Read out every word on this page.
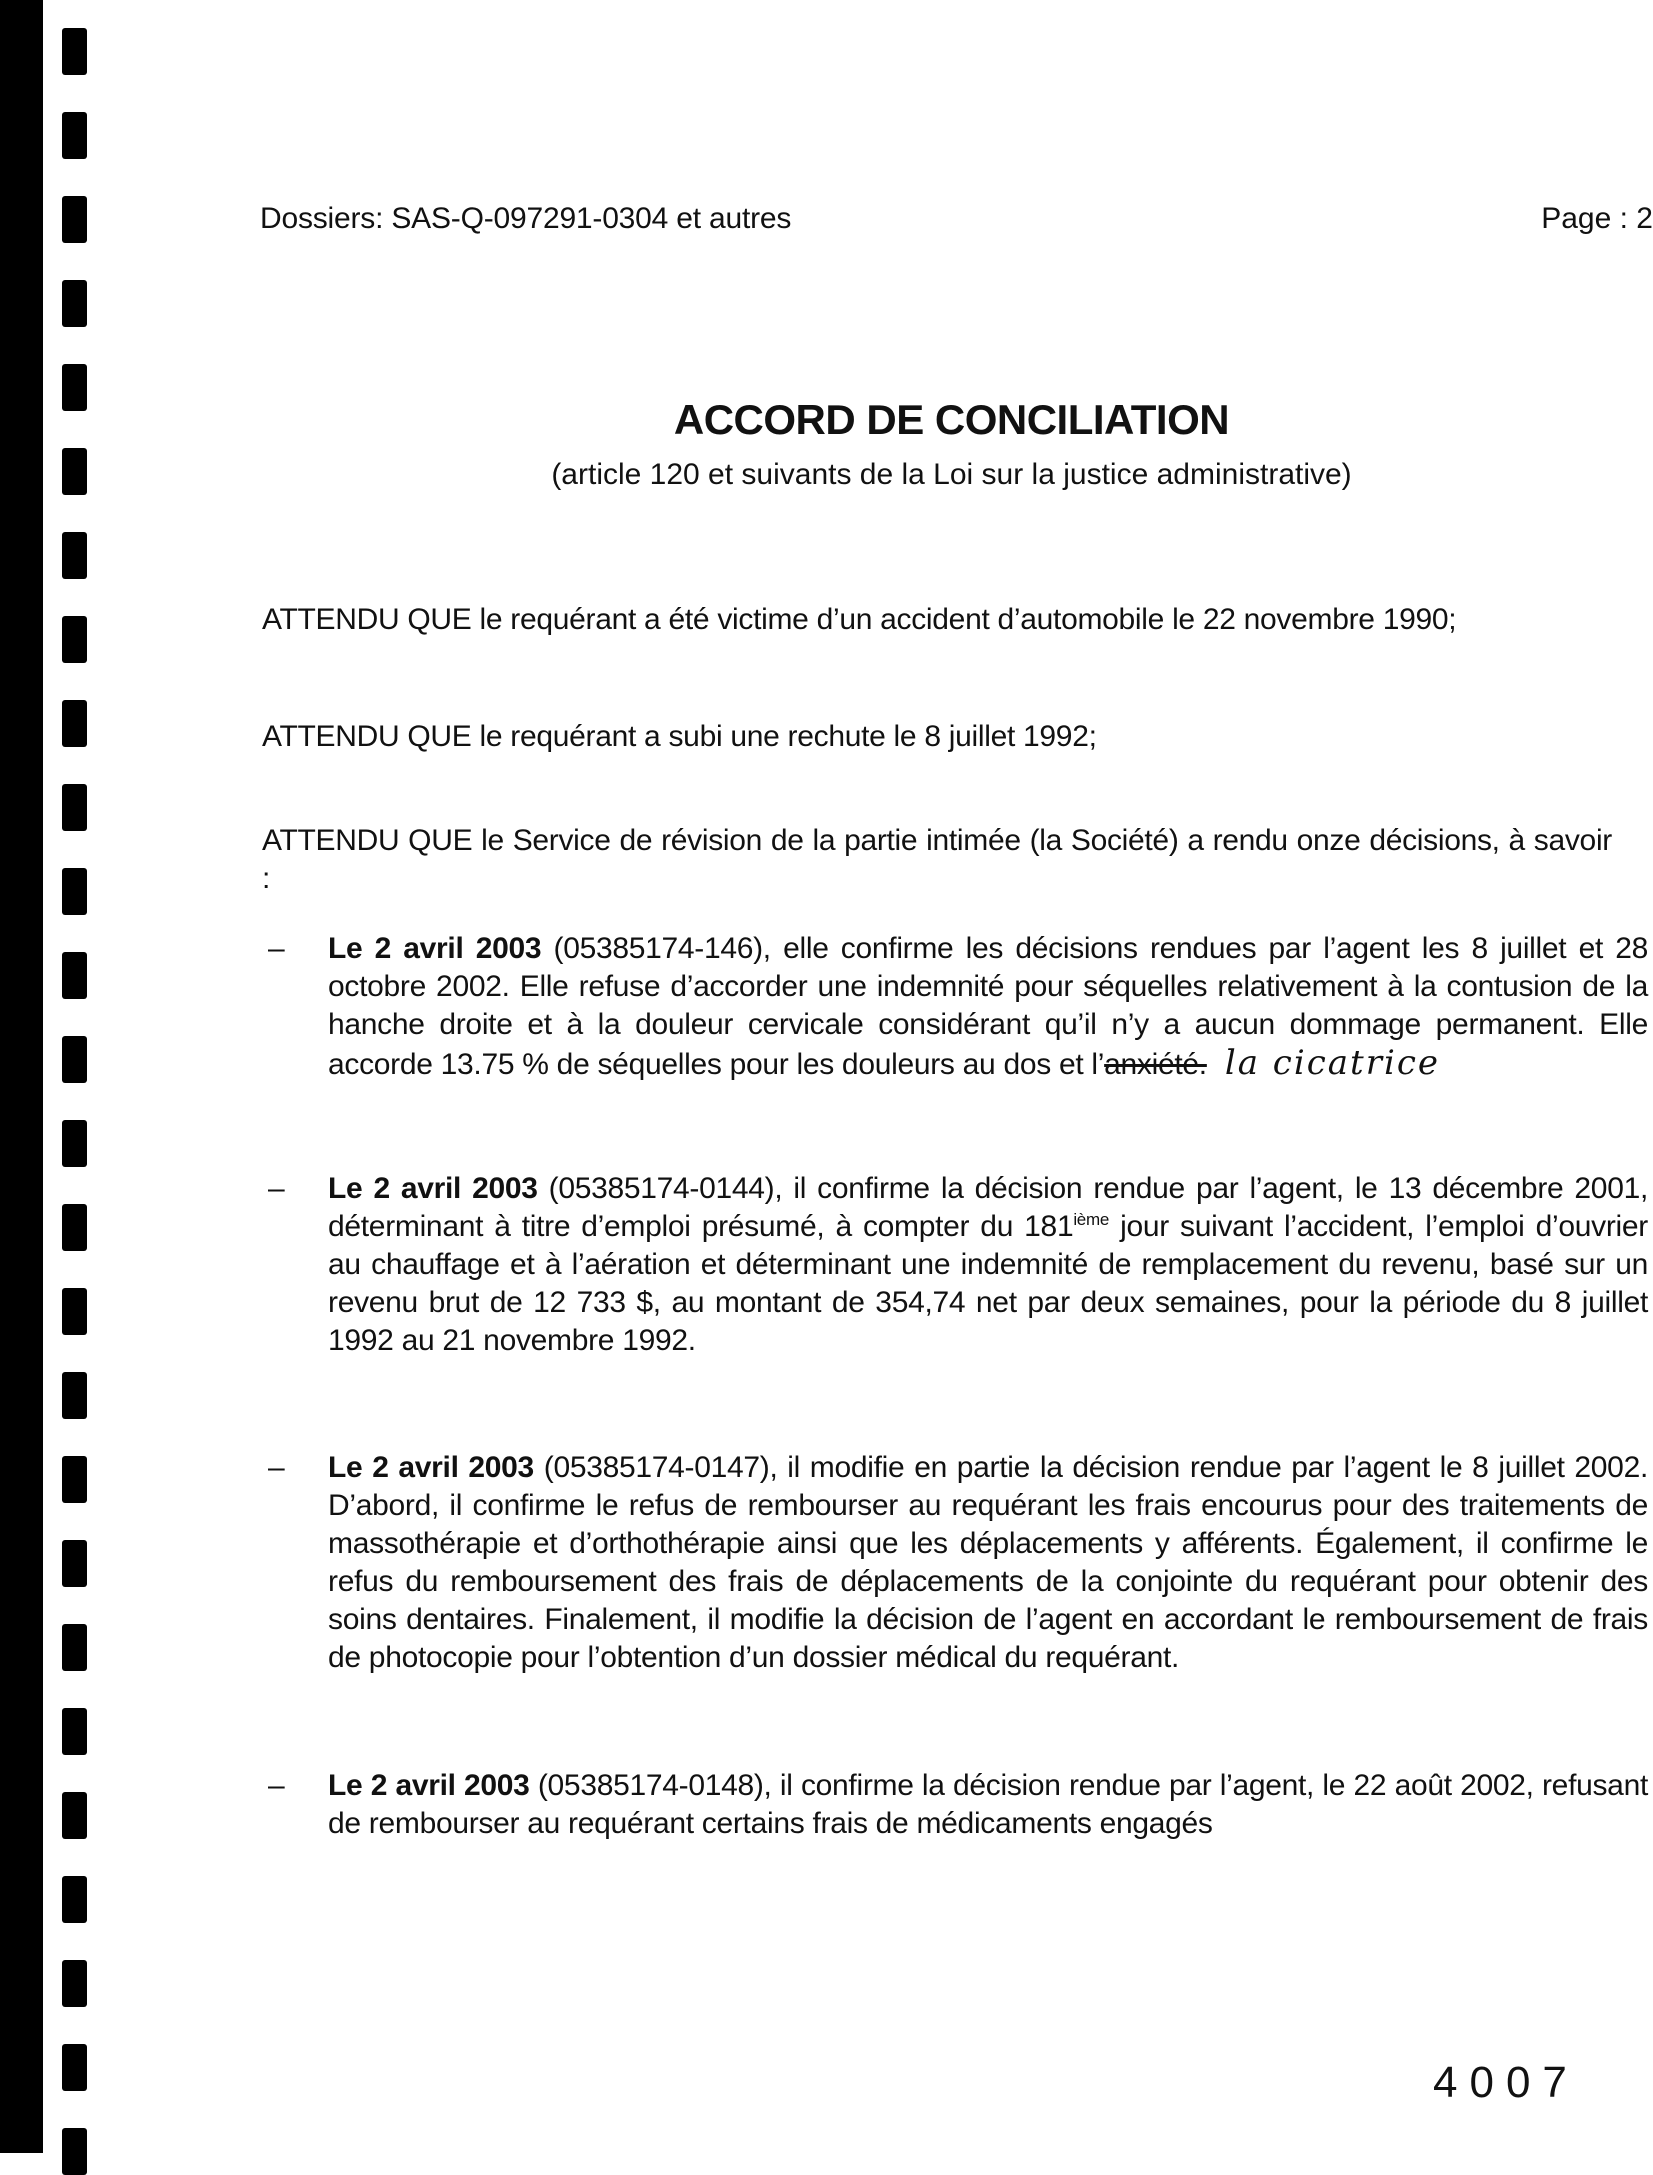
Dossiers: SAS-Q-097291-0304 et autres	Page : 2
ACCORD DE CONCILIATION
(article 120 et suivants de la Loi sur la justice administrative)
ATTENDU QUE le requérant a été victime d’un accident d’automobile le 22 novembre 1990;
ATTENDU QUE le requérant a subi une rechute le 8 juillet 1992;
ATTENDU QUE le Service de révision de la partie intimée (la Société) a rendu onze décisions, à savoir :
– Le 2 avril 2003 (05385174-146), elle confirme les décisions rendues par l’agent les 8 juillet et 28 octobre 2002. Elle refuse d’accorder une indemnité pour séquelles relativement à la contusion de la hanche droite et à la douleur cervicale considérant qu’il n’y a aucun dommage permanent. Elle accorde 13.75 % de séquelles pour les douleurs au dos et l’anxiété. la cicatrice
– Le 2 avril 2003 (05385174-0144), il confirme la décision rendue par l’agent, le 13 décembre 2001, déterminant à titre d’emploi présumé, à compter du 181ième jour suivant l’accident, l’emploi d’ouvrier au chauffage et à l’aération et déterminant une indemnité de remplacement du revenu, basé sur un revenu brut de 12 733 $, au montant de 354,74 net par deux semaines, pour la période du 8 juillet 1992 au 21 novembre 1992.
– Le 2 avril 2003 (05385174-0147), il modifie en partie la décision rendue par l’agent le 8 juillet 2002. D’abord, il confirme le refus de rembourser au requérant les frais encourus pour des traitements de massothérapie et d’orthothérapie ainsi que les déplacements y afférents. Également, il confirme le refus du remboursement des frais de déplacements de la conjointe du requérant pour obtenir des soins dentaires. Finalement, il modifie la décision de l’agent en accordant le remboursement de frais de photocopie pour l’obtention d’un dossier médical du requérant.
– Le 2 avril 2003 (05385174-0148), il confirme la décision rendue par l’agent, le 22 août 2002, refusant de rembourser au requérant certains frais de médicaments engagés
4007
